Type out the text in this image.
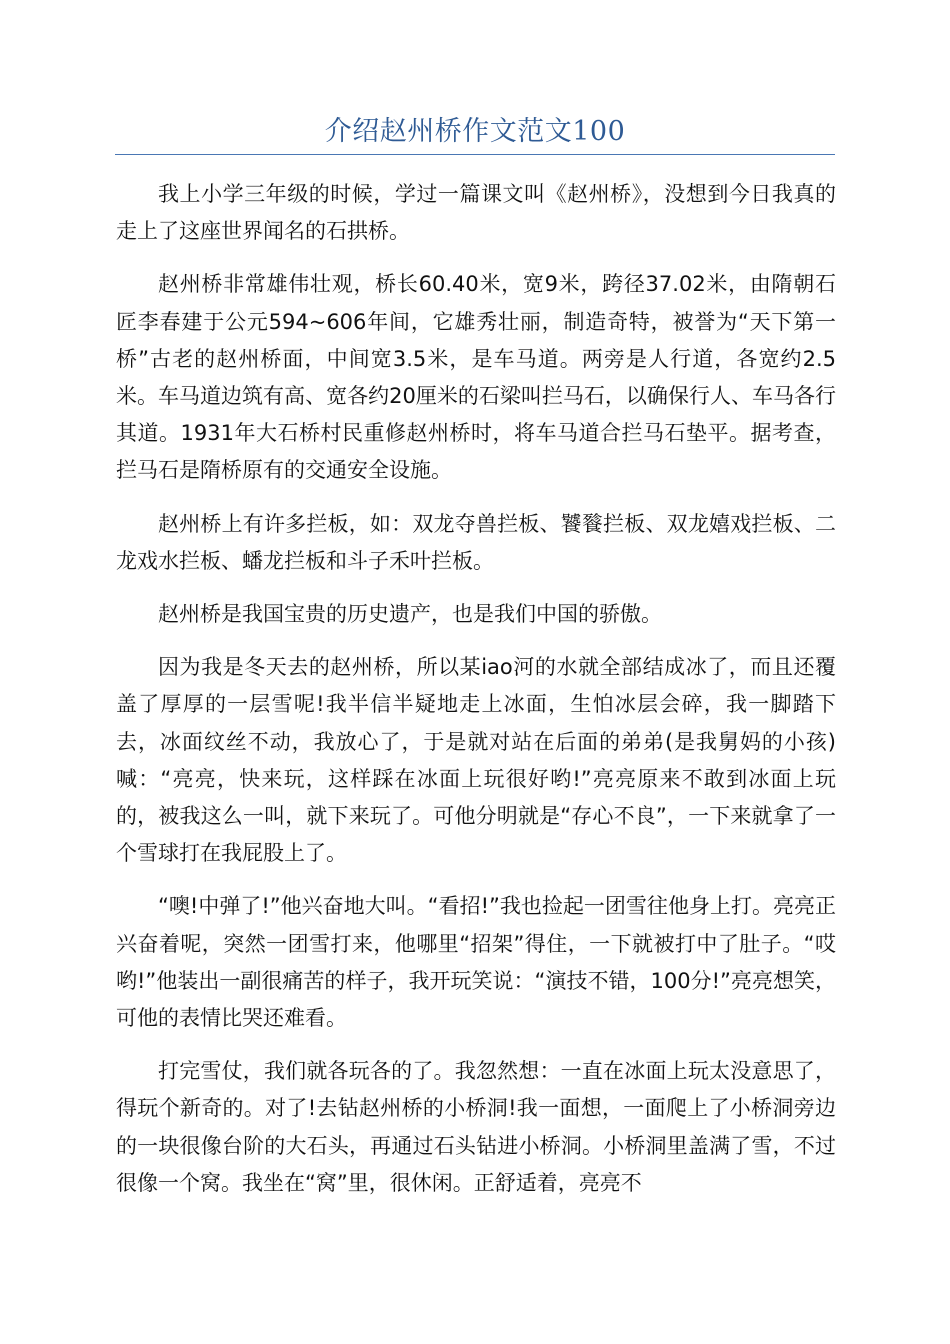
介绍赵州桥作文范文100

我上小学三年级的时候，学过一篇课文叫《赵州桥》，没想到今日我真的走上了这座世界闻名的石拱桥。

赵州桥非常雄伟壮观，桥长60.40米，宽9米，跨径37.02米，由隋朝石匠李春建于公元594~606年间，它雄秀壮丽，制造奇特，被誉为“天下第一桥”古老的赵州桥面，中间宽3.5米，是车马道。两旁是人行道，各宽约2.5米。车马道边筑有高、宽各约20厘米的石梁叫拦马石，以确保行人、车马各行其道。1931年大石桥村民重修赵州桥时，将车马道合拦马石垫平。据考查，拦马石是隋桥原有的交通安全设施。

赵州桥上有许多拦板，如：双龙夺兽拦板、饕餮拦板、双龙嬉戏拦板、二龙戏水拦板、蟠龙拦板和斗子禾叶拦板。

赵州桥是我国宝贵的历史遗产，也是我们中国的骄傲。

因为我是冬天去的赵州桥，所以某iao河的水就全部结成冰了，而且还覆盖了厚厚的一层雪呢!我半信半疑地走上冰面，生怕冰层会碎，我一脚踏下去，冰面纹丝不动，我放心了，于是就对站在后面的弟弟(是我舅妈的小孩)喊：“亮亮，快来玩，这样踩在冰面上玩很好哟!”亮亮原来不敢到冰面上玩的，被我这么一叫，就下来玩了。可他分明就是“存心不良”，一下来就拿了一个雪球打在我屁股上了。

“噢!中弹了!”他兴奋地大叫。“看招!”我也捡起一团雪往他身上打。亮亮正兴奋着呢，突然一团雪打来，他哪里“招架”得住，一下就被打中了肚子。“哎哟!”他装出一副很痛苦的样子，我开玩笑说：“演技不错，100分!”亮亮想笑，可他的表情比哭还难看。

打完雪仗，我们就各玩各的了。我忽然想：一直在冰面上玩太没意思了，得玩个新奇的。对了!去钻赵州桥的小桥洞!我一面想，一面爬上了小桥洞旁边的一块很像台阶的大石头，再通过石头钻进小桥洞。小桥洞里盖满了雪，不过很像一个窝。我坐在“窝”里，很休闲。正舒适着，亮亮不
